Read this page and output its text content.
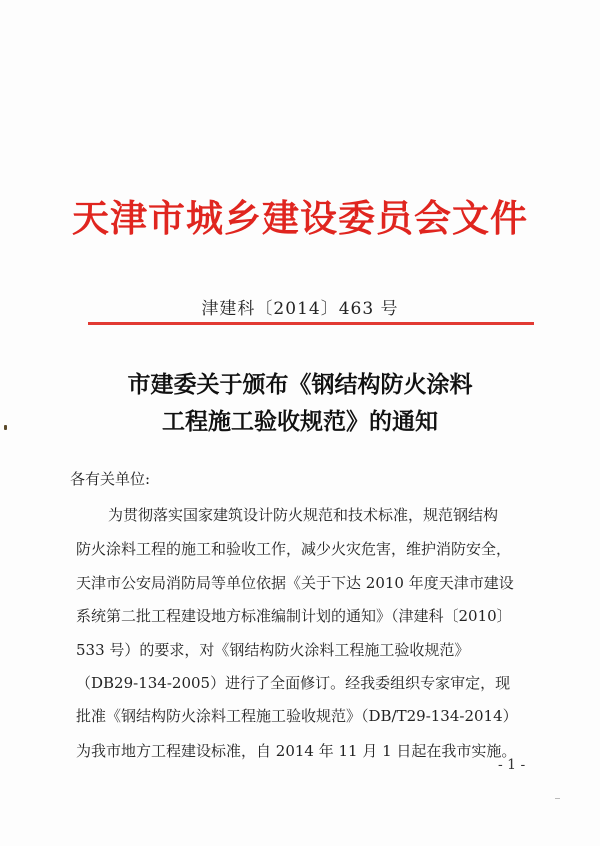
天津市城乡建设委员会文件
津建科〔2014〕463 号
市建委关于颁布《钢结构防火涂料
工程施工验收规范》的通知
各有关单位:
为贯彻落实国家建筑设计防火规范和技术标准，规范钢结构
防火涂料工程的施工和验收工作，减少火灾危害，维护消防安全，
天津市公安局消防局等单位依据《关于下达 2010 年度天津市建设
系统第二批工程建设地方标准编制计划的通知》（津建科〔2010〕
533 号）的要求，对《钢结构防火涂料工程施工验收规范》
（DB29-134-2005）进行了全面修订。经我委组织专家审定，现
批准《钢结构防火涂料工程施工验收规范》（DB/T29-134-2014）
为我市地方工程建设标准，自 2014 年 11 月 1 日起在我市实施。
- 1 -
